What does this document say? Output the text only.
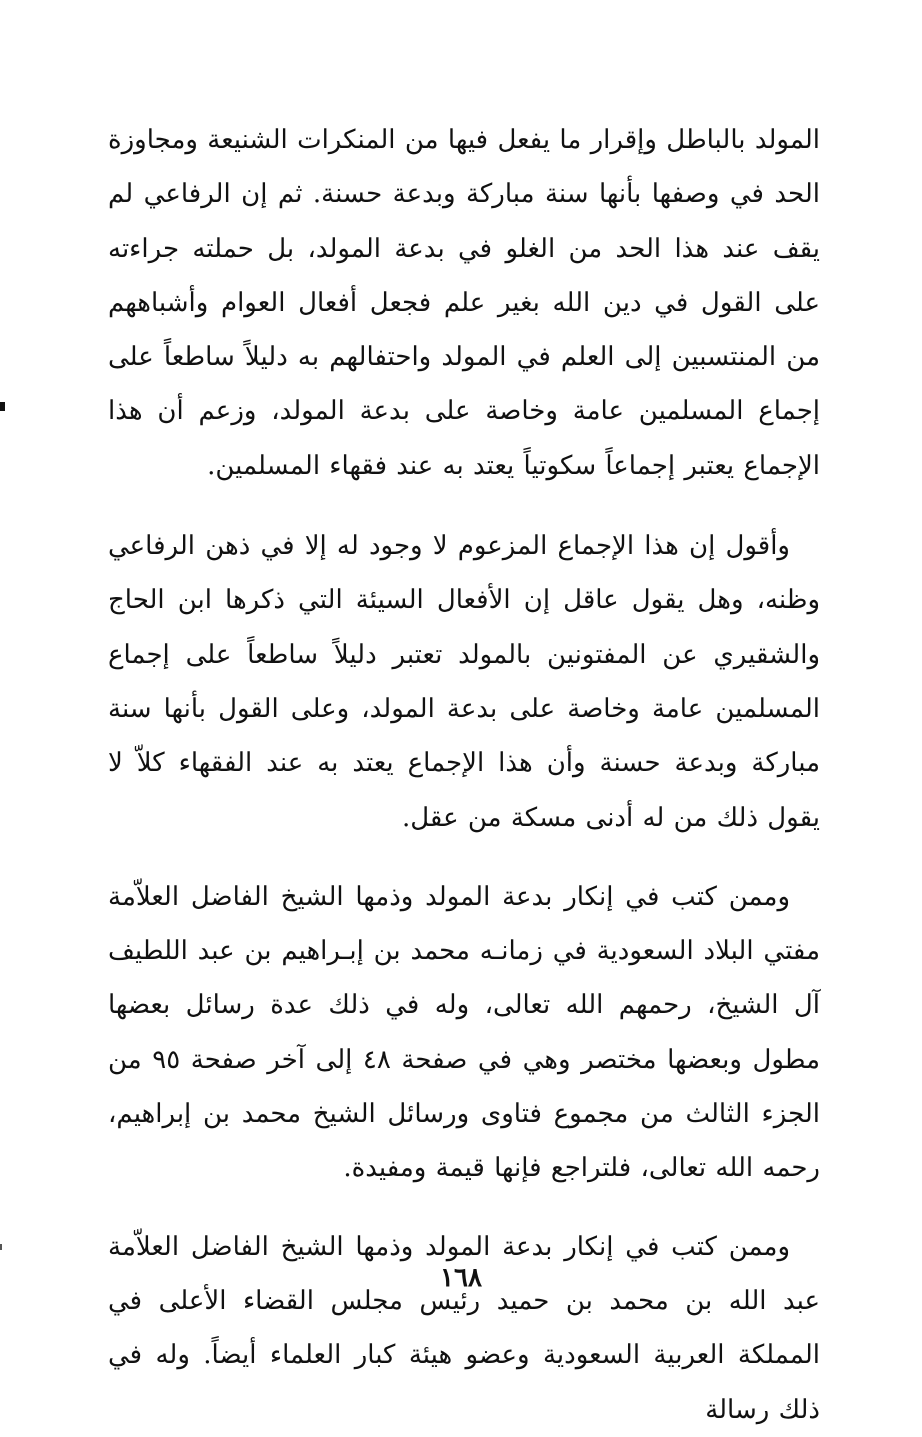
المولد بالباطل وإقرار ما يفعل فيها من المنكرات الشنيعة ومجاوزة الحد في وصفها بأنها سنة مباركة وبدعة حسنة. ثم إن الرفاعي لم يقف عند هذا الحد من الغلو في بدعة المولد، بل حملته جراءته على القول في دين الله بغير علم فجعل أفعال العوام وأشباههم من المنتسبين إلى العلم في المولد واحتفالهم به دليلاً ساطعاً على إجماع المسلمين عامة وخاصة على بدعة المولد، وزعم أن هذا الإجماع يعتبر إجماعاً سكوتياً يعتد به عند فقهاء المسلمين.

وأقول إن هذا الإجماع المزعوم لا وجود له إلا في ذهن الرفاعي وظنه، وهل يقول عاقل إن الأفعال السيئة التي ذكرها ابن الحاج والشقيري عن المفتونين بالمولد تعتبر دليلاً ساطعاً على إجماع المسلمين عامة وخاصة على بدعة المولد، وعلى القول بأنها سنة مباركة وبدعة حسنة وأن هذا الإجماع يعتد به عند الفقهاء كلاّ لا يقول ذلك من له أدنى مسكة من عقل.

وممن كتب في إنكار بدعة المولد وذمها الشيخ الفاضل العلاّمة مفتي البلاد السعودية في زمانـه محمد بن إبـراهيم بن عبد اللطيف آل الشيخ، رحمهم الله تعالى، وله في ذلك عدة رسائل بعضها مطول وبعضها مختصر وهي في صفحة ٤٨ إلى آخر صفحة ٩٥ من الجزء الثالث من مجموع فتاوى ورسائل الشيخ محمد بن إبراهيم، رحمه الله تعالى، فلتراجع فإنها قيمة ومفيدة.

وممن كتب في إنكار بدعة المولد وذمها الشيخ الفاضل العلاّمة عبد الله بن محمد بن حميد رئيس مجلس القضاء الأعلى في المملكة العربية السعودية وعضو هيئة كبار العلماء أيضاً. وله في ذلك رسالة

١٦٨
